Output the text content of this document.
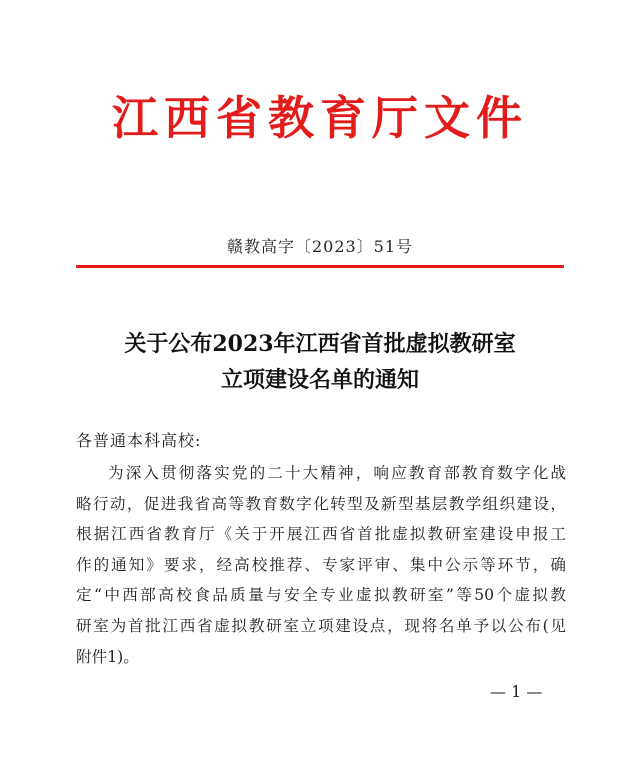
江西省教育厅文件
赣教高字〔2023〕51号
关于公布2023年江西省首批虚拟教研室
立项建设名单的通知
各普通本科高校:
为深入贯彻落实党的二十大精神，响应教育部教育数字化战
略行动，促进我省高等教育数字化转型及新型基层教学组织建设，
根据江西省教育厅《关于开展江西省首批虚拟教研室建设申报工
作的通知》要求，经高校推荐、专家评审、集中公示等环节，确
定“中西部高校食品质量与安全专业虚拟教研室”等50个虚拟教
研室为首批江西省虚拟教研室立项建设点，现将名单予以公布(见
附件1)。
— 1 —
